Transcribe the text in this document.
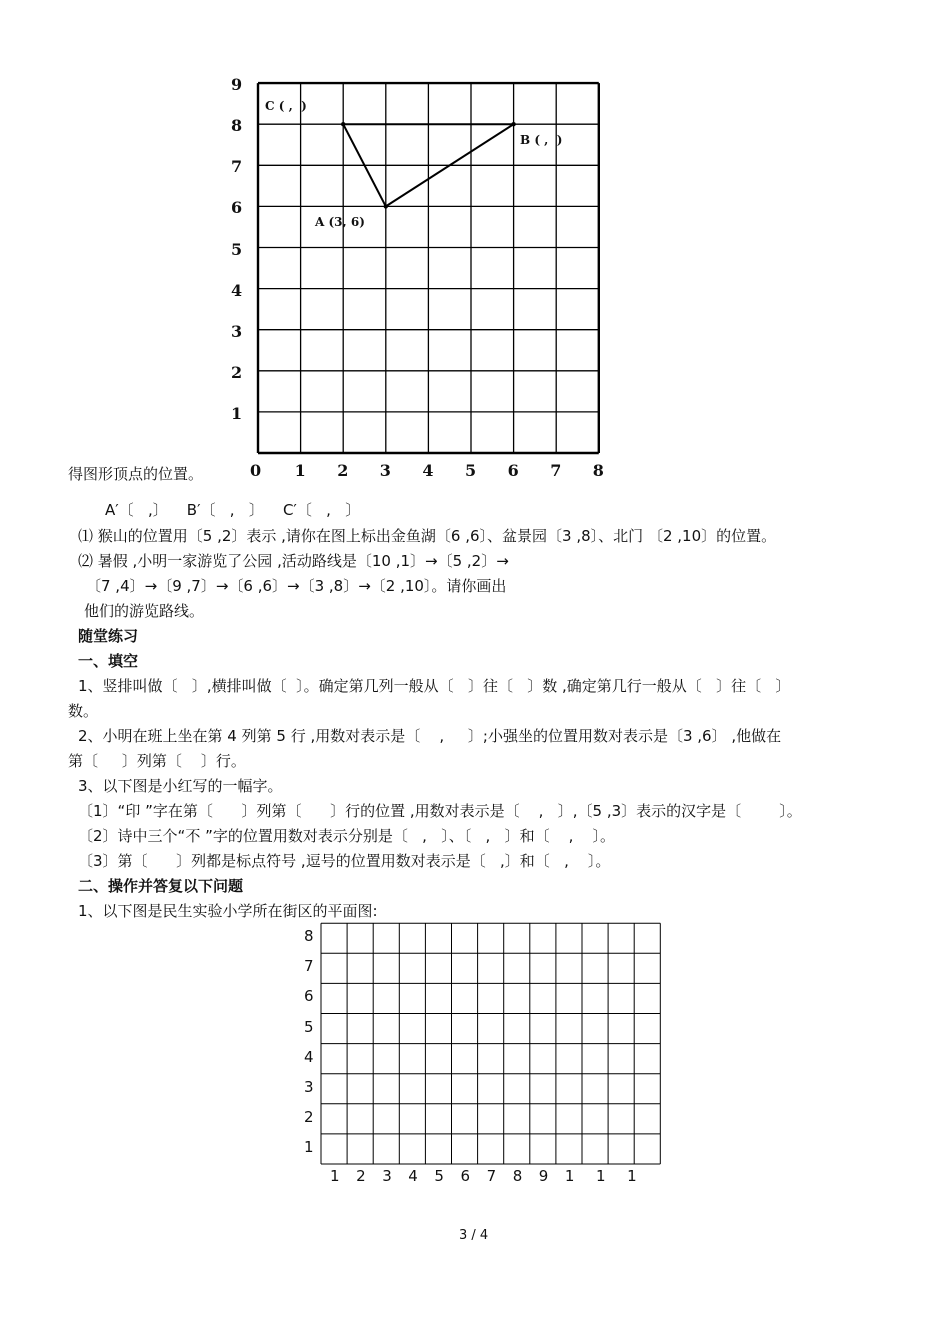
0 1 2 3 4 5 6 7 8
1
2
3
4
5
6
7
8
9
C ( ,  )
B ( ,  )
A (3, 6)
得图形顶点的位置。
A′〔   ,〕    B′〔   ,   〕    C′〔   ,   〕
⑴ 猴山的位置用〔5 ,2〕表示 ,请你在图上标出金鱼湖〔6 ,6〕、盆景园〔3 ,8〕、北门 〔2 ,10〕的位置。
⑵ 暑假 ,小明一家游览了公园 ,活动路线是〔10 ,1〕→〔5 ,2〕→
〔7 ,4〕→〔9 ,7〕→〔6 ,6〕→〔3 ,8〕→〔2 ,10〕。请你画出
他们的游览路线。
随堂练习
一、填空
1、竖排叫做〔   〕,横排叫做〔  〕。确定第几列一般从〔   〕往〔   〕数 ,确定第几行一般从〔   〕往〔   〕
数。
2、小明在班上坐在第 4 列第 5 行 ,用数对表示是〔    ,     〕;小强坐的位置用数对表示是〔3 ,6〕 ,他做在
第〔     〕列第〔    〕行。
3、以下图是小红写的一幅字。
〔1〕“印 ”字在第〔      〕列第〔      〕行的位置 ,用数对表示是〔    ,   〕,〔5 ,3〕表示的汉字是〔        〕。
〔2〕诗中三个“不 ”字的位置用数对表示分别是〔   ,   〕、〔   ,   〕和〔    ,    〕。
〔3〕第〔      〕列都是标点符号 ,逗号的位置用数对表示是〔   ,〕和〔   ,    〕。
二、操作并答复以下问题
1、以下图是民生实验小学所在街区的平面图:
1 2 3 4 5 6 7 8 9 1 1 1
1
2
3
4
5
6
7
8
3 / 4
